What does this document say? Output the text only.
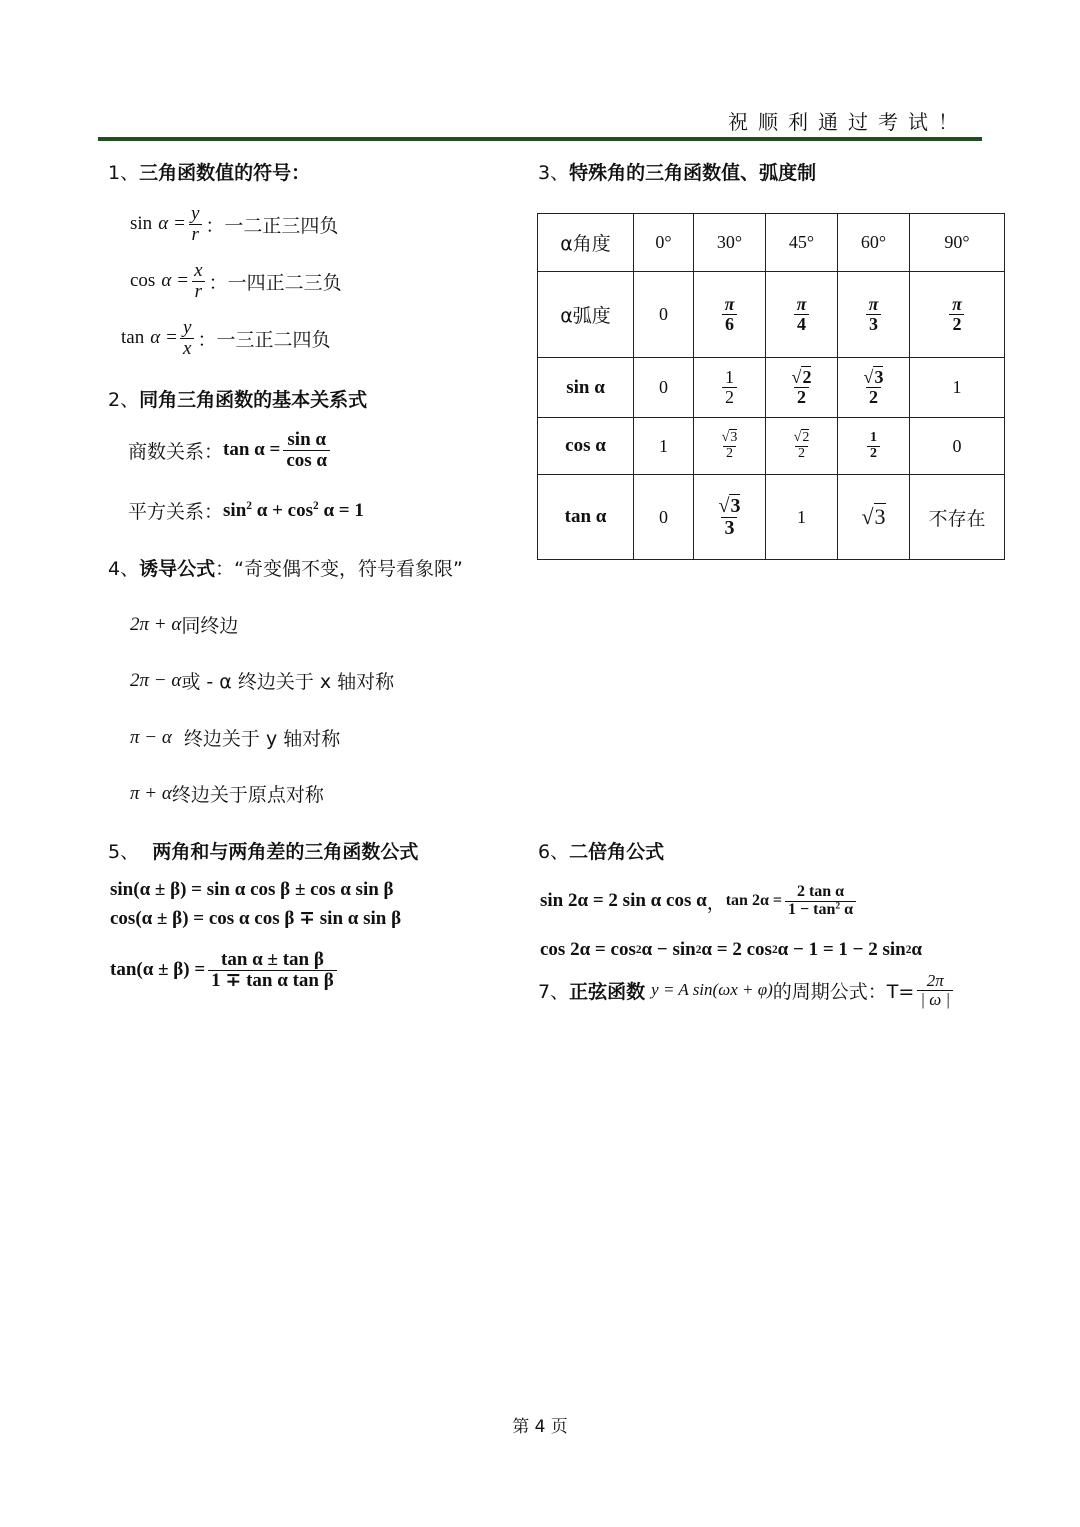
祝顺利通过考试！
1、三角函数值的符号：
sin
α
= $\frac{y}{r}$ ：一二正三四负
cos
α
= $\frac{x}{r}$ ：一四正二三负
tan
α
= $\frac{y}{x}$ ：一三正二四负
2、同角三角函数的基本关系式
商数关系： $\tan \alpha = \frac{\text{sin α}}{\text{cos α}}$
平方关系： $\sin^2 \alpha + \cos^2 \alpha = 1$
3、特殊角的三角函数值、弧度制
α角度	0°	30°	45°	60°	90°
α弧度	0	$\frac{\pi}{6}$	$\frac{\pi}{4}$	$\frac{\pi}{3}$	$\frac{\pi}{2}$

sin α	0	$\frac{1}{2}$	$\frac{√2}{2}$	$\frac{√3}{2}$	1
cos α	1	$\frac{√3}{2}$	$\frac{√2}{2}$	$\frac{1}{2}$	0
tan α	0	$\frac{√3}{3}$	1	√3	不存在
4、诱导公式：“奇变偶不变，符号看象限”
2π + α 同终边
2π − α 或 - α 终边关于 x 轴对称
π − α 终边关于 y 轴对称
π + α 终边关于原点对称
5、 两角和与两角差的三角函数公式
sin(α ± β) = sin α cos β ± cos α sin β
cos(α ± β) = cos α cos β ∓ sin α sin β
$\tan(\alpha \pm \beta) = \frac{\text{tan α ± tan β}}{\text{1 ∓ tan α tan β}}$
6、二倍角公式
sin 2α = 2 sin α cos α ， $\tan 2\alpha = \frac{\text{2 tan α}}{1 - \tan^2 \alpha}$
cos 2α = cos 2 α − sin 2 α = 2 cos 2 α − 1 = 1 − 2 sin 2 α
7、 正弦函数
y = A sin(ωx + φ) 的周期公式：$T= \frac{2\pi}{| \omega |}$
第 4 页
